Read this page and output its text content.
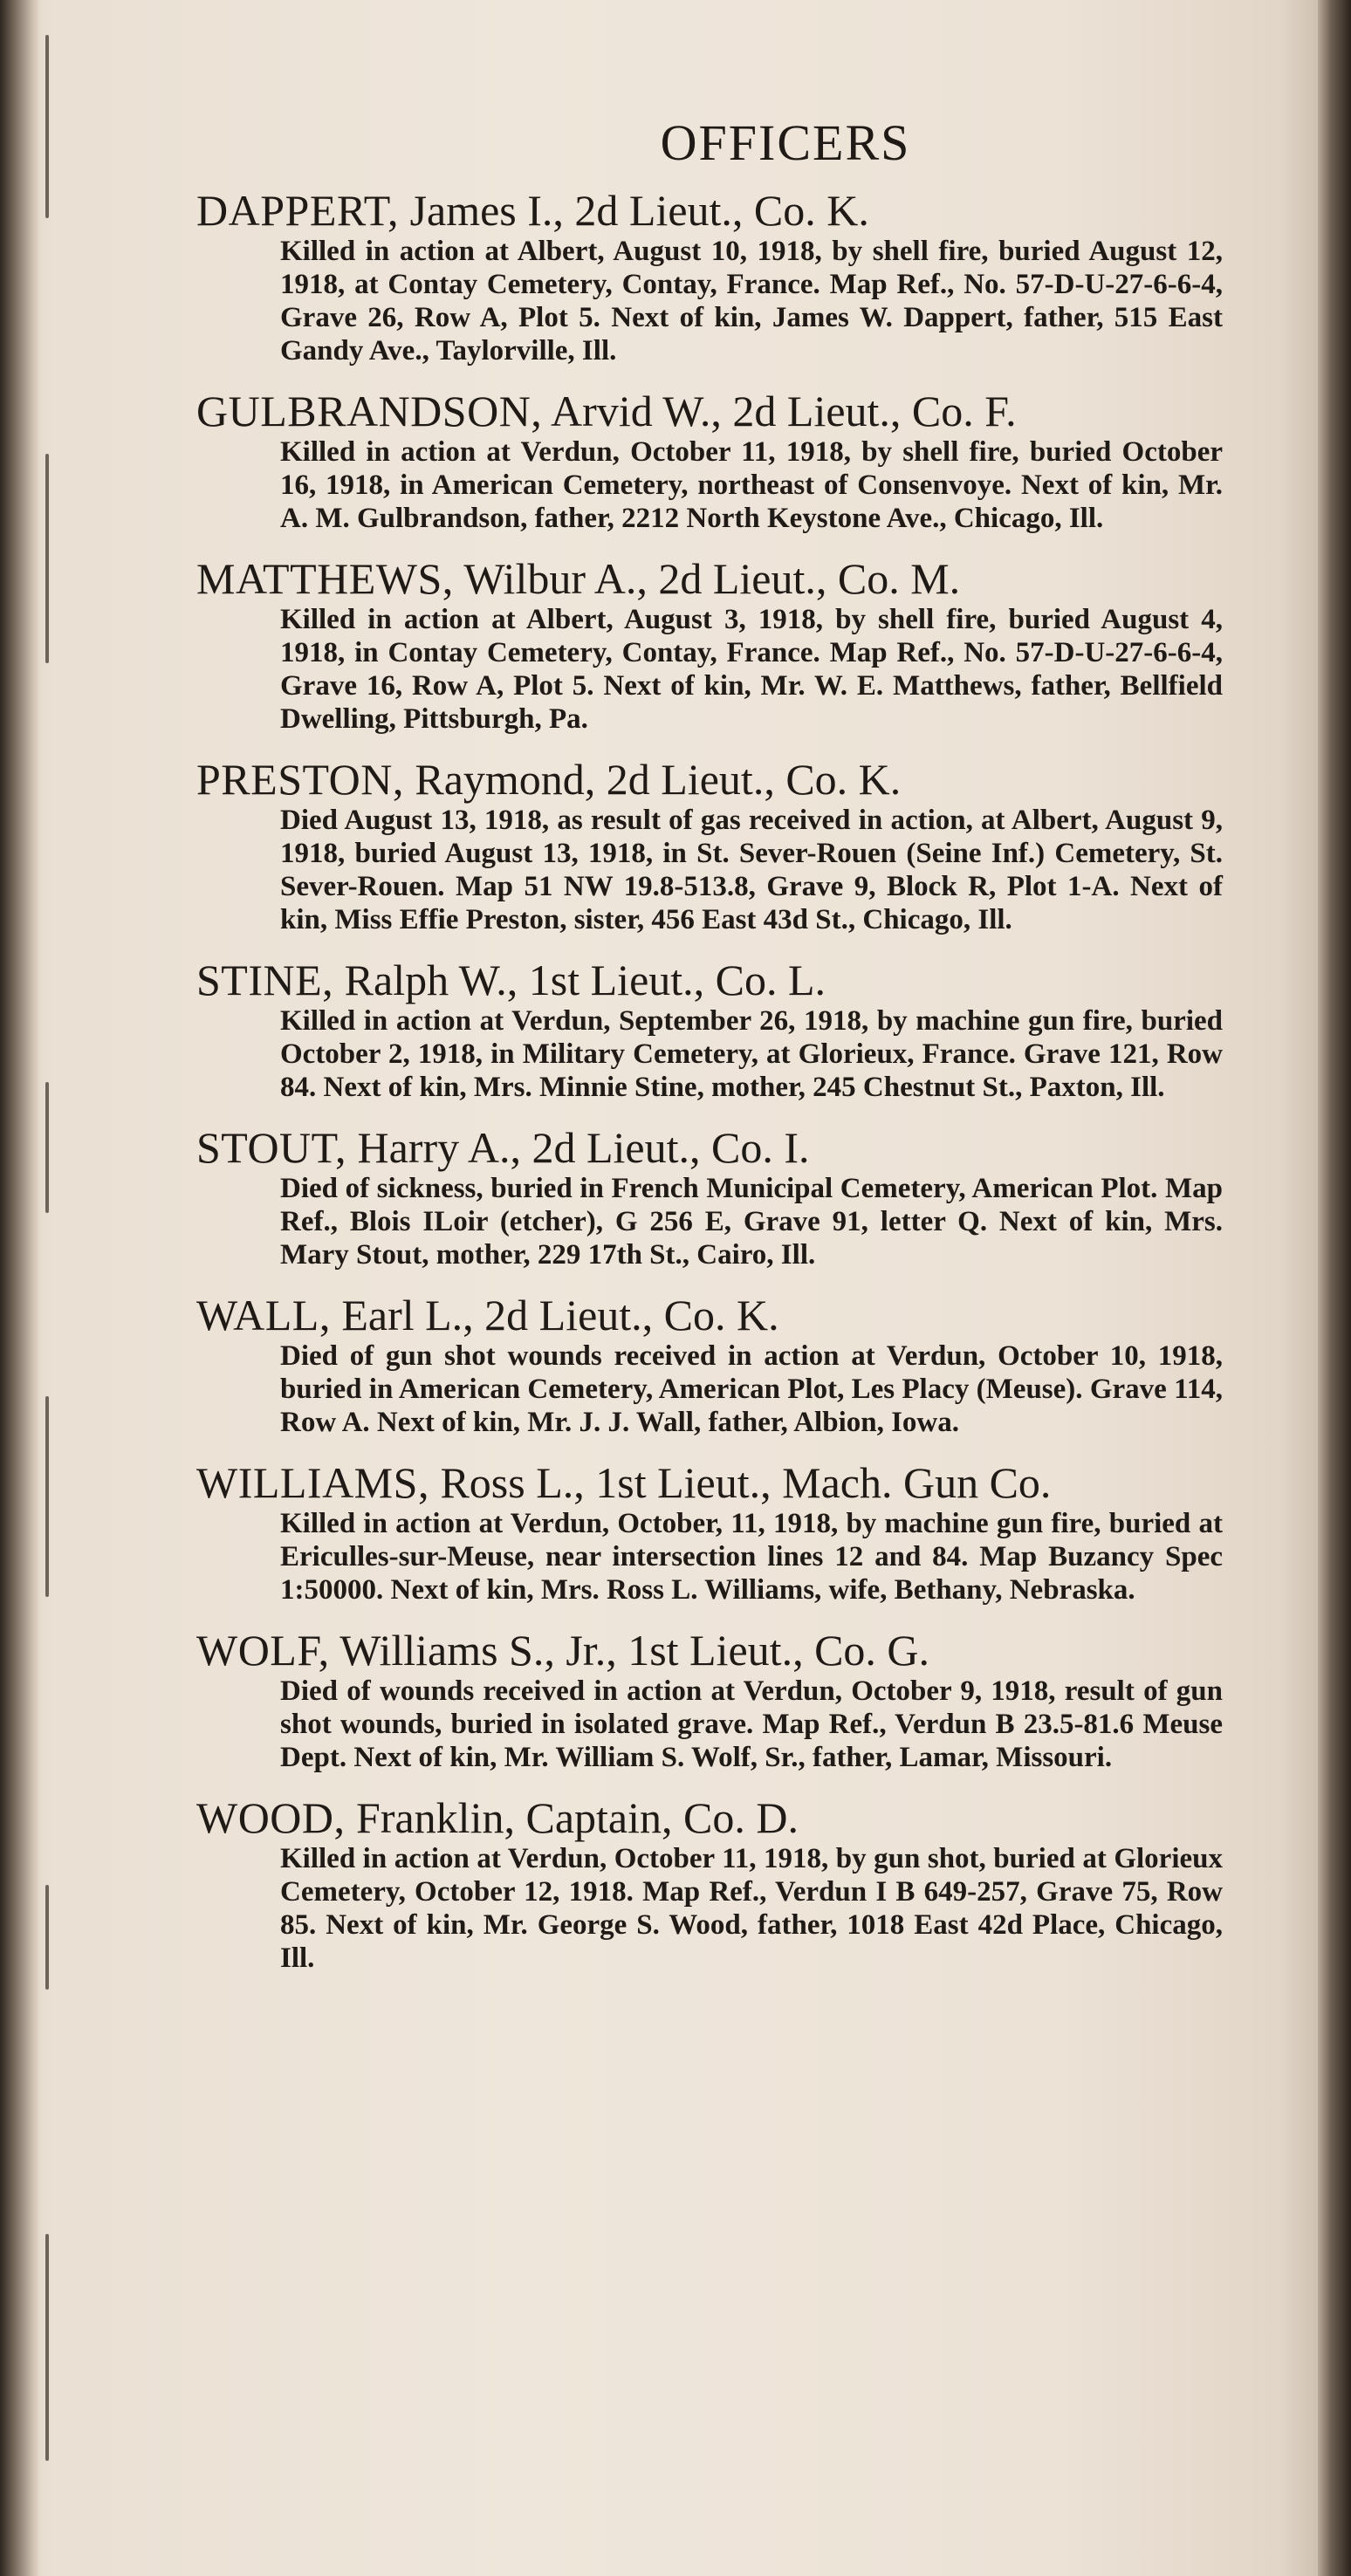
OFFICERS
DAPPERT, James I., 2d Lieut., Co. K.
Killed in action at Albert, August 10, 1918, by shell fire, buried August 12, 1918, at Contay Cemetery, Contay, France. Map Ref., No. 57-D-U-27-6-6-4, Grave 26, Row A, Plot 5. Next of kin, James W. Dappert, father, 515 East Gandy Ave., Taylorville, Ill.
GULBRANDSON, Arvid W., 2d Lieut., Co. F.
Killed in action at Verdun, October 11, 1918, by shell fire, buried October 16, 1918, in American Cemetery, northeast of Consenvoye. Next of kin, Mr. A. M. Gulbrandson, father, 2212 North Keystone Ave., Chicago, Ill.
MATTHEWS, Wilbur A., 2d Lieut., Co. M.
Killed in action at Albert, August 3, 1918, by shell fire, buried August 4, 1918, in Contay Cemetery, Contay, France. Map Ref., No. 57-D-U-27-6-6-4, Grave 16, Row A, Plot 5. Next of kin, Mr. W. E. Matthews, father, Bellfield Dwelling, Pittsburgh, Pa.
PRESTON, Raymond, 2d Lieut., Co. K.
Died August 13, 1918, as result of gas received in action, at Albert, August 9, 1918, buried August 13, 1918, in St. Sever-Rouen (Seine Inf.) Cemetery, St. Sever-Rouen. Map 51 NW 19.8-513.8, Grave 9, Block R, Plot 1-A. Next of kin, Miss Effie Preston, sister, 456 East 43d St., Chicago, Ill.
STINE, Ralph W., 1st Lieut., Co. L.
Killed in action at Verdun, September 26, 1918, by machine gun fire, buried October 2, 1918, in Military Cemetery, at Glorieux, France. Grave 121, Row 84. Next of kin, Mrs. Minnie Stine, mother, 245 Chestnut St., Paxton, Ill.
STOUT, Harry A., 2d Lieut., Co. I.
Died of sickness, buried in French Municipal Cemetery, American Plot. Map Ref., Blois ILoir (etcher), G 256 E, Grave 91, letter Q. Next of kin, Mrs. Mary Stout, mother, 229 17th St., Cairo, Ill.
WALL, Earl L., 2d Lieut., Co. K.
Died of gun shot wounds received in action at Verdun, October 10, 1918, buried in American Cemetery, American Plot, Les Placy (Meuse). Grave 114, Row A. Next of kin, Mr. J. J. Wall, father, Albion, Iowa.
WILLIAMS, Ross L., 1st Lieut., Mach. Gun Co.
Killed in action at Verdun, October, 11, 1918, by machine gun fire, buried at Ericulles-sur-Meuse, near intersection lines 12 and 84. Map Buzancy Spec 1:50000. Next of kin, Mrs. Ross L. Williams, wife, Bethany, Nebraska.
WOLF, Williams S., Jr., 1st Lieut., Co. G.
Died of wounds received in action at Verdun, October 9, 1918, result of gun shot wounds, buried in isolated grave. Map Ref., Verdun B 23.5-81.6 Meuse Dept. Next of kin, Mr. William S. Wolf, Sr., father, Lamar, Missouri.
WOOD, Franklin, Captain, Co. D.
Killed in action at Verdun, October 11, 1918, by gun shot, buried at Glorieux Cemetery, October 12, 1918. Map Ref., Verdun I B 649-257, Grave 75, Row 85. Next of kin, Mr. George S. Wood, father, 1018 East 42d Place, Chicago, Ill.
